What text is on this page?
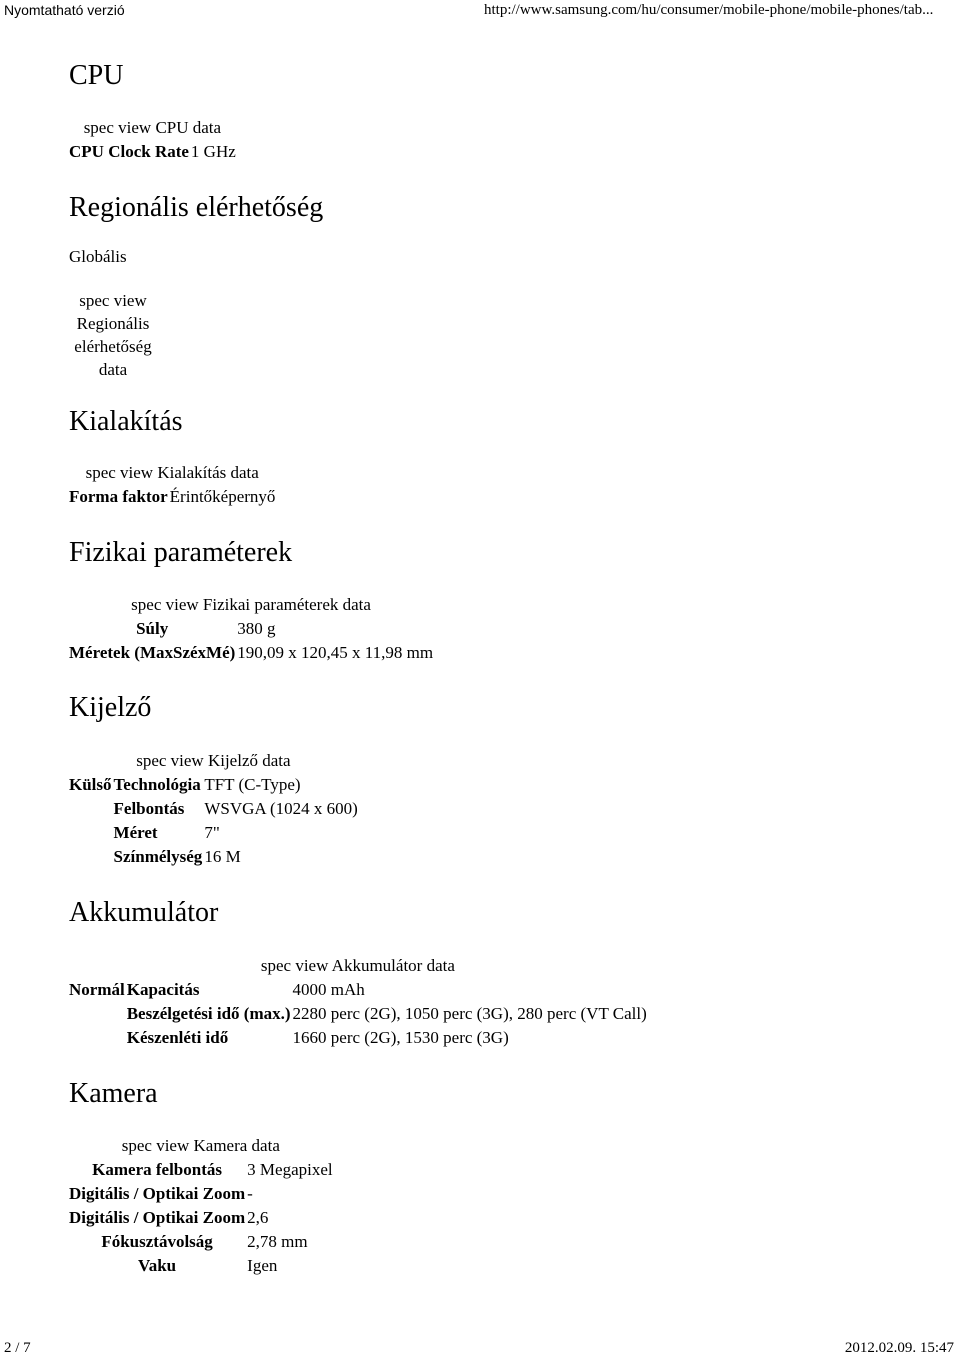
Nyomtatható verzió	http://www.samsung.com/hu/consumer/mobile-phone/mobile-phones/tab...
CPU
spec view CPU data
CPU Clock Rate	1 GHz
Regionális elérhetőség
Globális
spec view
Regionális
elérhetőség
data
Kialakítás
spec view Kialakítás data
Forma faktor	Érintőképernyő
Fizikai paraméterek
spec view Fizikai paraméterek data
Súly	380 g
Méretek (MaxSzéxMé)	190,09 x 120,45 x 11,98 mm
Kijelző
spec view Kijelző data
Külső	Technológia	TFT (C-Type)
	Felbontás	WSVGA (1024 x 600)
	Méret	7"
	Színmélység	16 M
Akkumulátor
spec view Akkumulátor data
Normál	Kapacitás	4000 mAh
	Beszélgetési idő (max.)	2280 perc (2G), 1050 perc (3G), 280 perc (VT Call)
	Készenléti idő	1660 perc (2G), 1530 perc (3G)
Kamera
spec view Kamera data
Kamera felbontás	3 Megapixel
Digitális / Optikai Zoom	-
Digitális / Optikai Zoom	2,6
Fókusztávolság	2,78 mm
Vaku	Igen
2 / 7	2012.02.09. 15:47
